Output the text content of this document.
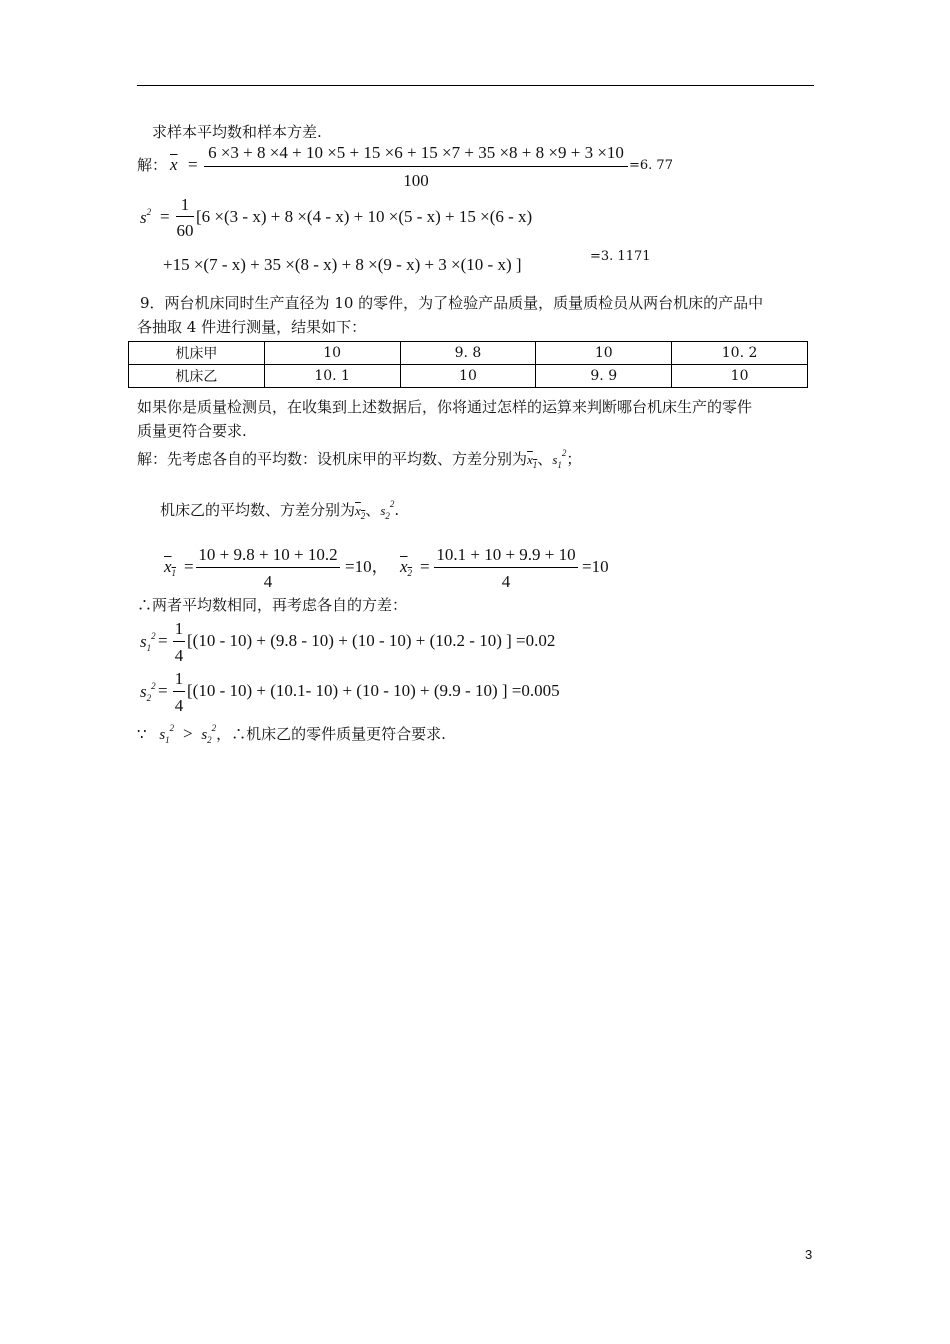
求样本平均数和样本方差.
解： $\overline{x}$ =
6 ×3 + 8 ×4 + 10 ×5 + 15 ×6 + 15 ×7 + 35 ×8 + 8 ×9 + 3 ×10
100
=6. 77
$s^2$ =
1
60
[6 ×(3 - x) + 8 ×(4 - x) + 10 ×(5 - x) + 15 ×(6 - x)
+15 ×(7 - x) + 35 ×(8 - x) + 8 ×(9 - x) + 3 ×(10 - x) ]	=3. 1171
9．两台机床同时生产直径为 10 的零件，为了检验产品质量，质量质检员从两台机床的产品中
各抽取 4 件进行测量，结果如下：
机床甲	10	9. 8	10	10. 2
机床乙	10. 1	10	9. 9	10
如果你是质量检测员，在收集到上述数据后，你将通过怎样的运算来判断哪台机床生产的零件
质量更符合要求.
解：先考虑各自的平均数：设机床甲的平均数、方差分别为$x_1$、$s_1^2$；
机床乙的平均数、方差分别为$x_2$、$s_2^2$.
$x_1$ =
10 + 9.8 + 10 + 10.2
4
=10， $x_2$ =
10.1 + 10 + 9.9 + 10
4
=10
∴两者平均数相同，再考虑各自的方差：
$s_1^2$ =
1
4
[(10 - 10) + (9.8 - 10) + (10 - 10) + (10.2 - 10) ] =0.02
$s_2^2$ =
1
4
[(10 - 10) + (10.1- 10) + (10 - 10) + (9.9 - 10) ] =0.005
∵ $s_1^2 > s_2^2$，∴机床乙的零件质量更符合要求.
3
